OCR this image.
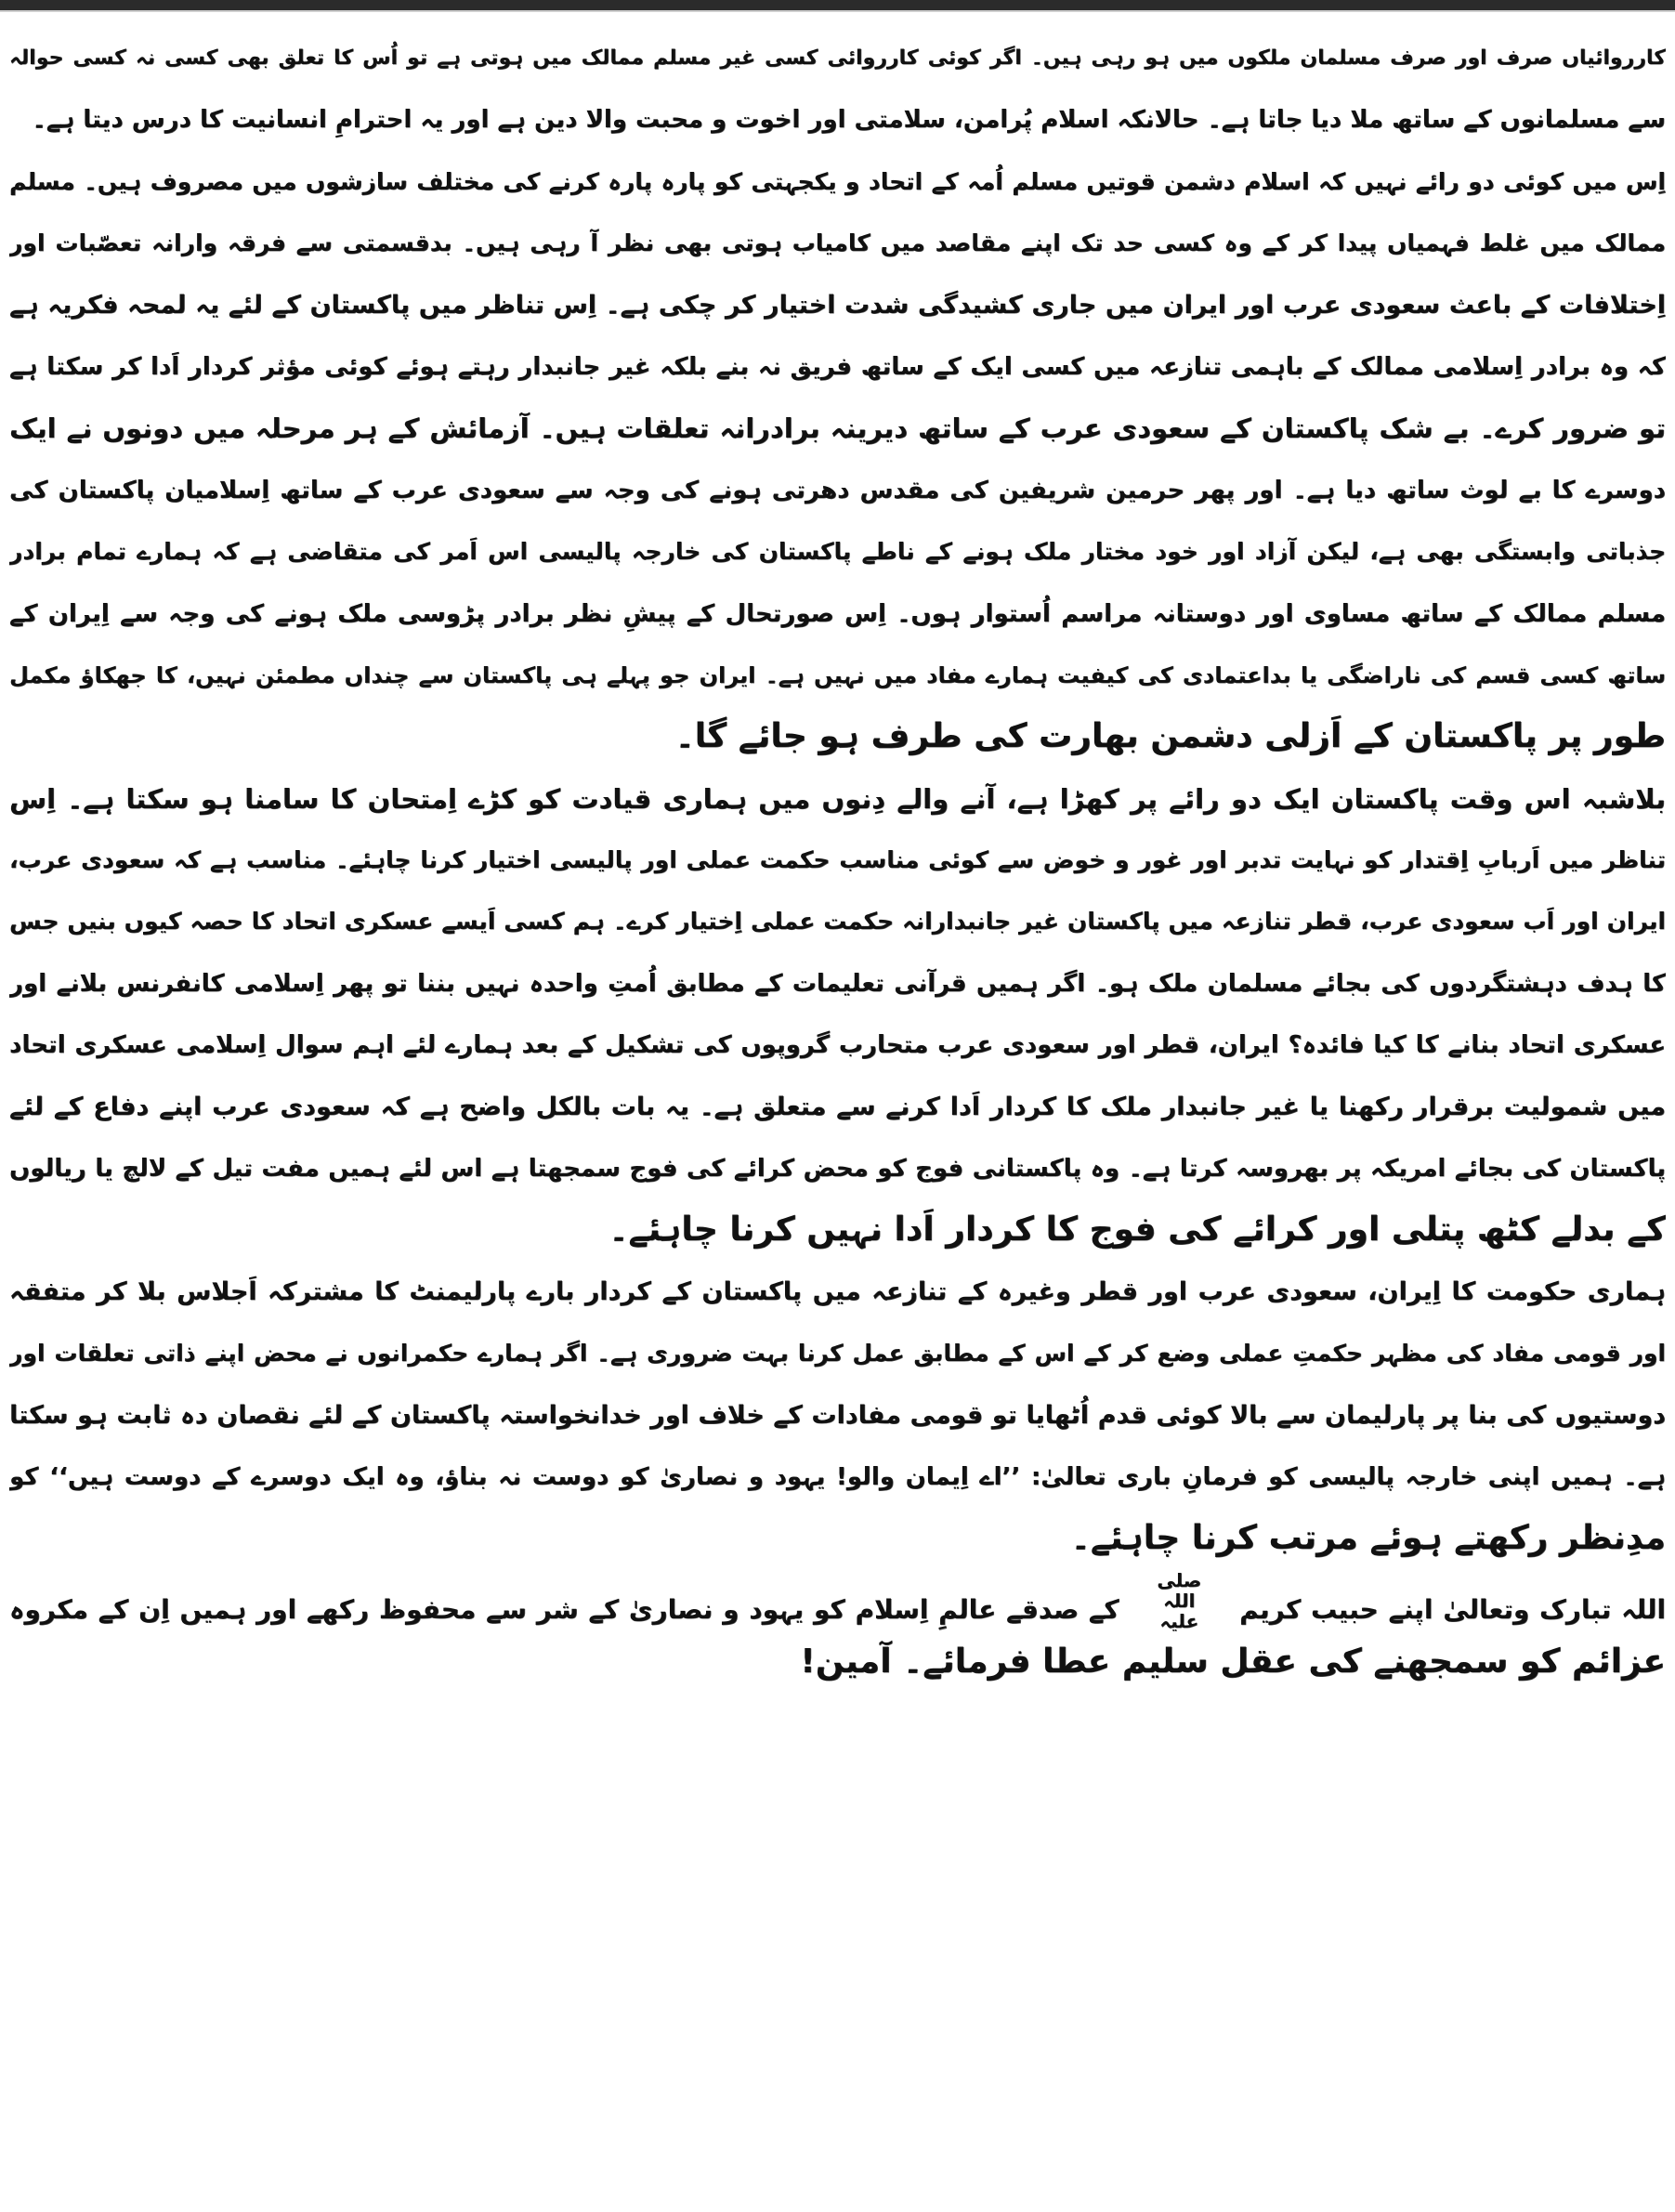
کارروائیاں صرف اور صرف مسلمان ملکوں میں ہو رہی ہیں۔ اگر کوئی کارروائی کسی غیر مسلم ممالک میں ہوتی ہے تو اُس کا تعلق بھی کسی نہ کسی حوالہ
سے مسلمانوں کے ساتھ ملا دیا جاتا ہے۔ حالانکہ اسلام پُرامن، سلامتی اور اخوت و محبت والا دین ہے اور یہ احترامِ انسانیت کا درس دیتا ہے۔
اِس میں کوئی دو رائے نہیں کہ اسلام دشمن قوتیں مسلم اُمہ کے اتحاد و یکجہتی کو پارہ پارہ کرنے کی مختلف سازشوں میں مصروف ہیں۔ مسلم
ممالک میں غلط فہمیاں پیدا کر کے وہ کسی حد تک اپنے مقاصد میں کامیاب ہوتی بھی نظر آ رہی ہیں۔ بدقسمتی سے فرقہ وارانہ تعصّبات اور
اِختلافات کے باعث سعودی عرب اور ایران میں جاری کشیدگی شدت اختیار کر چکی ہے۔ اِس تناظر میں پاکستان کے لئے یہ لمحہ فکریہ ہے
کہ وہ برادر اِسلامی ممالک کے باہمی تنازعہ میں کسی ایک کے ساتھ فریق نہ بنے بلکہ غیر جانبدار رہتے ہوئے کوئی مؤثر کردار اَدا کر سکتا ہے
تو ضرور کرے۔ بے شک پاکستان کے سعودی عرب کے ساتھ دیرینہ برادرانہ تعلقات ہیں۔ آزمائش کے ہر مرحلہ میں دونوں نے ایک
دوسرے کا بے لوث ساتھ دیا ہے۔ اور پھر حرمین شریفین کی مقدس دھرتی ہونے کی وجہ سے سعودی عرب کے ساتھ اِسلامیان پاکستان کی
جذباتی وابستگی بھی ہے، لیکن آزاد اور خود مختار ملک ہونے کے ناطے پاکستان کی خارجہ پالیسی اس اَمر کی متقاضی ہے کہ ہمارے تمام برادر
مسلم ممالک کے ساتھ مساوی اور دوستانہ مراسم اُستوار ہوں۔ اِس صورتحال کے پیشِ نظر برادر پڑوسی ملک ہونے کی وجہ سے اِیران کے
ساتھ کسی قسم کی ناراضگی یا بداعتمادی کی کیفیت ہمارے مفاد میں نہیں ہے۔ ایران جو پہلے ہی پاکستان سے چنداں مطمئن نہیں، کا جھکاؤ مکمل
طور پر پاکستان کے اَزلی دشمن بھارت کی طرف ہو جائے گا۔
بلاشبہ اس وقت پاکستان ایک دو رائے پر کھڑا ہے، آنے والے دِنوں میں ہماری قیادت کو کڑے اِمتحان کا سامنا ہو سکتا ہے۔ اِس
تناظر میں اَربابِ اِقتدار کو نہایت تدبر اور غور و خوض سے کوئی مناسب حکمت عملی اور پالیسی اختیار کرنا چاہئے۔ مناسب ہے کہ سعودی عرب،
ایران اور اَب سعودی عرب، قطر تنازعہ میں پاکستان غیر جانبدارانہ حکمت عملی اِختیار کرے۔ ہم کسی اَیسے عسکری اتحاد کا حصہ کیوں بنیں جس
کا ہدف دہشتگردوں کی بجائے مسلمان ملک ہو۔ اگر ہمیں قرآنی تعلیمات کے مطابق اُمتِ واحدہ نہیں بننا تو پھر اِسلامی کانفرنس بلانے اور
عسکری اتحاد بنانے کا کیا فائدہ؟ ایران، قطر اور سعودی عرب متحارب گروپوں کی تشکیل کے بعد ہمارے لئے اہم سوال اِسلامی عسکری اتحاد
میں شمولیت برقرار رکھنا یا غیر جانبدار ملک کا کردار اَدا کرنے سے متعلق ہے۔ یہ بات بالکل واضح ہے کہ سعودی عرب اپنے دفاع کے لئے
پاکستان کی بجائے امریکہ پر بھروسہ کرتا ہے۔ وہ پاکستانی فوج کو محض کرائے کی فوج سمجھتا ہے اس لئے ہمیں مفت تیل کے لالچ یا ریالوں
کے بدلے کٹھ پتلی اور کرائے کی فوج کا کردار اَدا نہیں کرنا چاہئے۔
ہماری حکومت کا اِیران، سعودی عرب اور قطر وغیرہ کے تنازعہ میں پاکستان کے کردار بارے پارلیمنٹ کا مشترکہ اَجلاس بلا کر متفقہ
اور قومی مفاد کی مظہر حکمتِ عملی وضع کر کے اس کے مطابق عمل کرنا بہت ضروری ہے۔ اگر ہمارے حکمرانوں نے محض اپنے ذاتی تعلقات اور
دوستیوں کی بنا پر پارلیمان سے بالا کوئی قدم اُٹھایا تو قومی مفادات کے خلاف اور خدانخواستہ پاکستان کے لئے نقصان دہ ثابت ہو سکتا
ہے۔ ہمیں اپنی خارجہ پالیسی کو فرمانِ باری تعالیٰ: ’’اے اِیمان والو! یہود و نصاریٰ کو دوست نہ بناؤ، وہ ایک دوسرے کے دوست ہیں‘‘ کو
مدِنظر رکھتے ہوئے مرتب کرنا چاہئے۔
اللہ تبارک وتعالیٰ اپنے حبیب کریم صلی اللہ علیہ کے صدقے عالمِ اِسلام کو یہود و نصاریٰ کے شر سے محفوظ رکھے اور ہمیں اِن کے مکروہ
عزائم کو سمجھنے کی عقل سلیم عطا فرمائے۔ آمین!
